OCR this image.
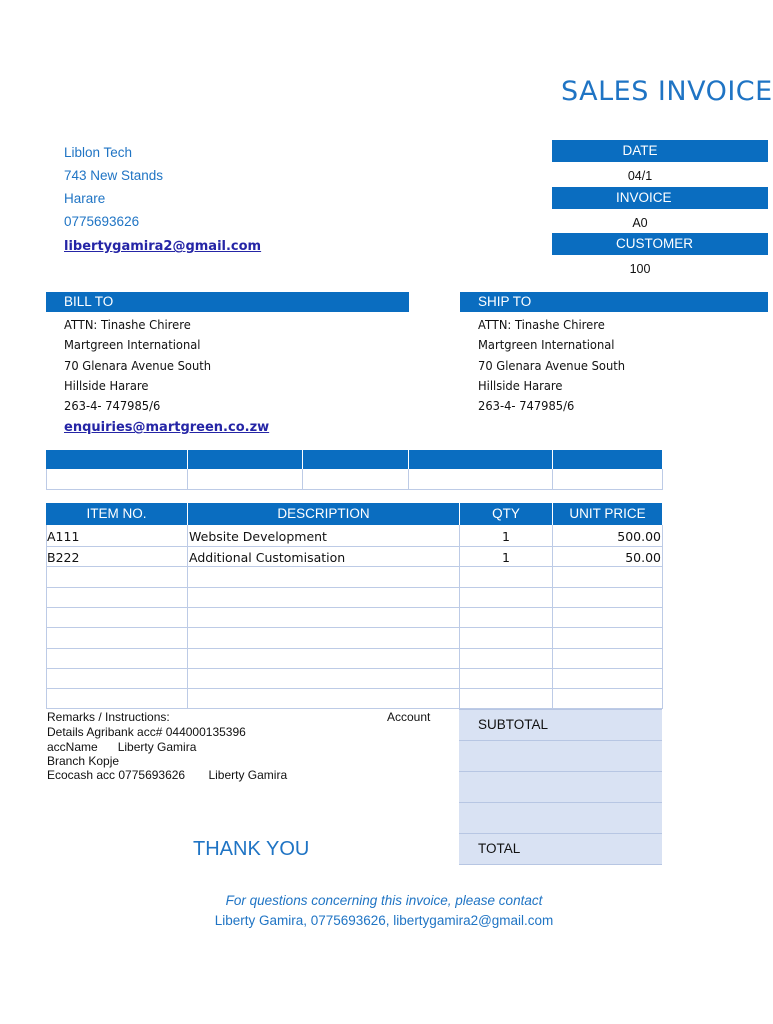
SALES INVOICE
Liblon Tech
743 New Stands
Harare
0775693626
libertygamira2@gmail.com
DATE
04/1
INVOICE
A0
CUSTOMER
100
BILL TO
ATTN: Tinashe Chirere
Martgreen International
70 Glenara Avenue South
Hillside Harare
263-4- 747985/6
enquiries@martgreen.co.zw
SHIP TO
ATTN: Tinashe Chirere
Martgreen International
70 Glenara Avenue South
Hillside Harare
263-4- 747985/6
ITEM NO.	DESCRIPTION	QTY	UNIT PRICE
A111	Website Development	1	500.00
B222	Additional Customisation	1	50.00
Remarks / Instructions:	Account
Details Agribank acc# 044000135396
accName      Liberty Gamira
Branch Kopje
Ecocash acc 0775693626       Liberty Gamira
SUBTOTAL
TOTAL
THANK YOU
For questions concerning this invoice, please contact
Liberty Gamira, 0775693626, libertygamira2@gmail.com
